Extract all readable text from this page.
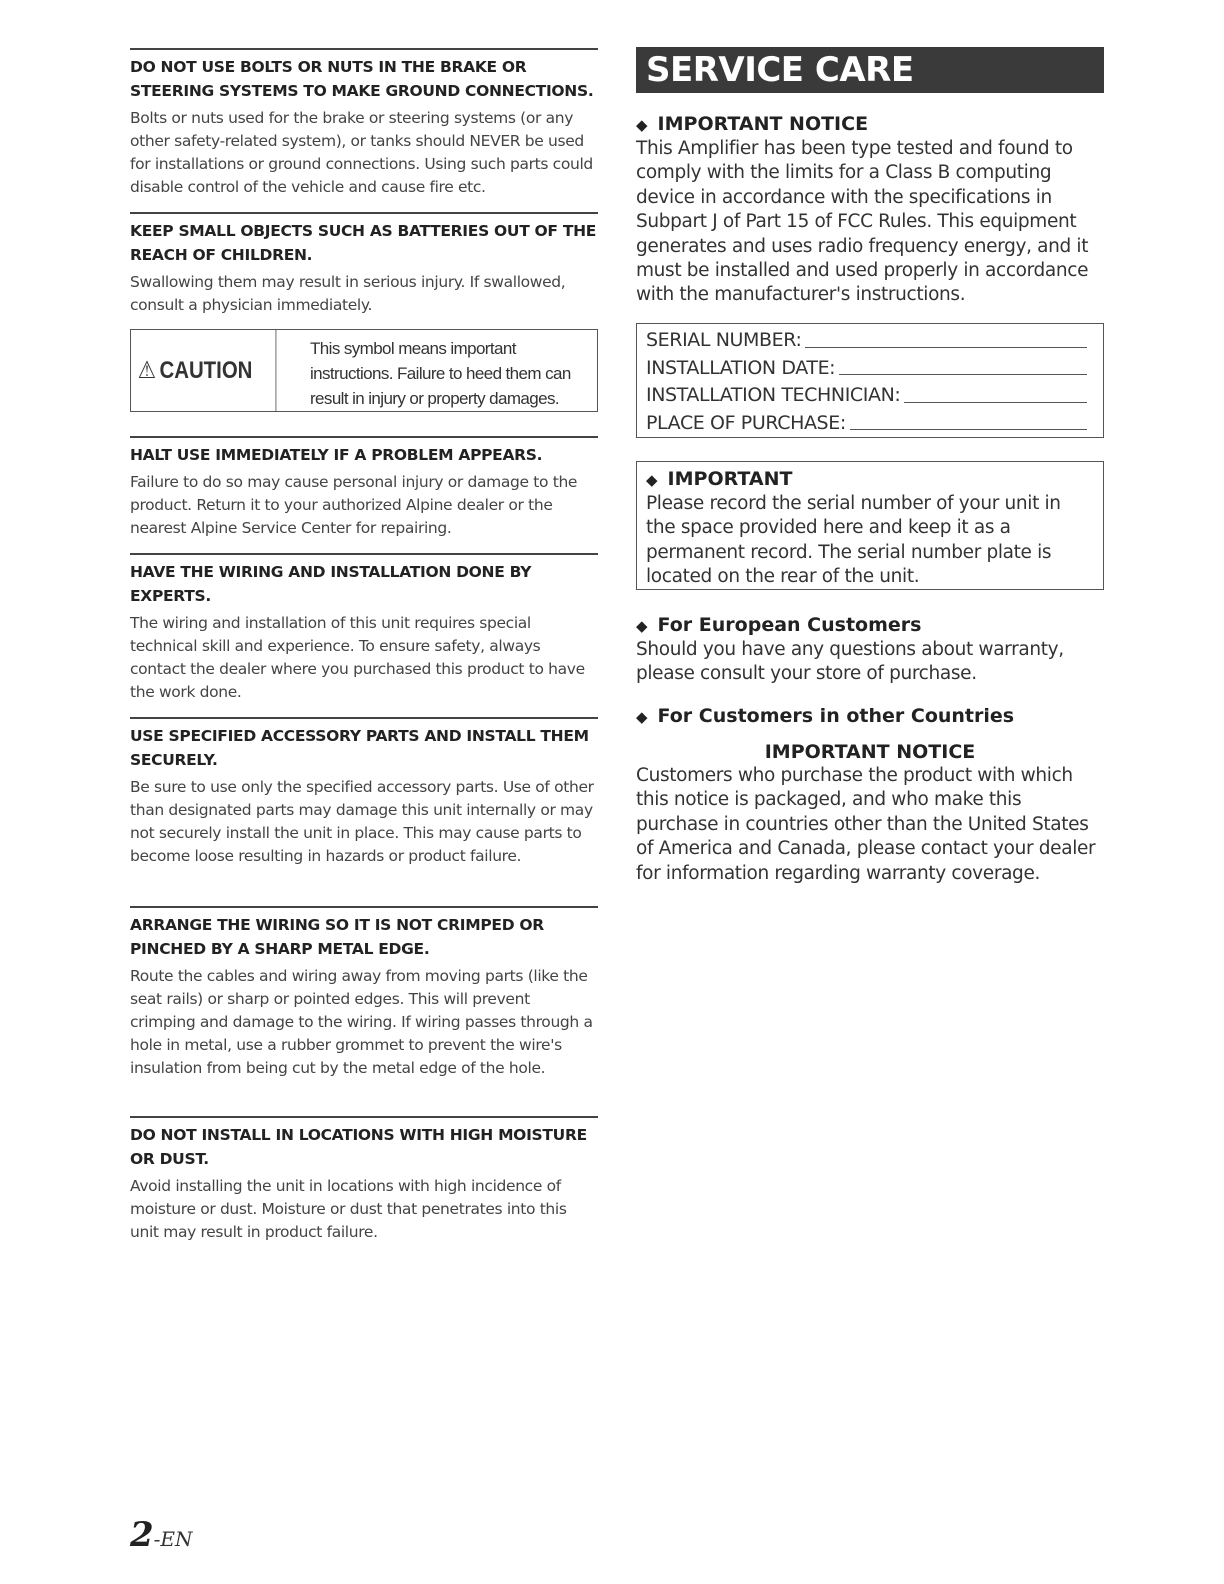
DO NOT USE BOLTS OR NUTS IN THE BRAKE OR STEERING SYSTEMS TO MAKE GROUND CONNECTIONS.

Bolts or nuts used for the brake or steering systems (or any other safety-related system), or tanks should NEVER be used for installations or ground connections. Using such parts could disable control of the vehicle and cause fire etc.

KEEP SMALL OBJECTS SUCH AS BATTERIES OUT OF THE REACH OF CHILDREN.

Swallowing them may result in serious injury. If swallowed, consult a physician immediately.

⚠ CAUTION
This symbol means important instructions. Failure to heed them can result in injury or property damages.
HALT USE IMMEDIATELY IF A PROBLEM APPEARS.

Failure to do so may cause personal injury or damage to the product. Return it to your authorized Alpine dealer or the nearest Alpine Service Center for repairing.

HAVE THE WIRING AND INSTALLATION DONE BY EXPERTS.

The wiring and installation of this unit requires special technical skill and experience. To ensure safety, always contact the dealer where you purchased this product to have the work done.

USE SPECIFIED ACCESSORY PARTS AND INSTALL THEM SECURELY.

Be sure to use only the specified accessory parts. Use of other than designated parts may damage this unit internally or may not securely install the unit in place. This may cause parts to become loose resulting in hazards or product failure.

ARRANGE THE WIRING SO IT IS NOT CRIMPED OR PINCHED BY A SHARP METAL EDGE.

Route the cables and wiring away from moving parts (like the seat rails) or sharp or pointed edges. This will prevent crimping and damage to the wiring. If wiring passes through a hole in metal, use a rubber grommet to prevent the wire's insulation from being cut by the metal edge of the hole.

DO NOT INSTALL IN LOCATIONS WITH HIGH MOISTURE OR DUST.

Avoid installing the unit in locations with high incidence of moisture or dust. Moisture or dust that penetrates into this unit may result in product failure.

SERVICE CARE
◆ IMPORTANT NOTICE

This Amplifier has been type tested and found to comply with the limits for a Class B computing device in accordance with the specifications in Subpart J of Part 15 of FCC Rules. This equipment generates and uses radio frequency energy, and it must be installed and used properly in accordance with the manufacturer's instructions.

SERIAL NUMBER:
INSTALLATION DATE:
INSTALLATION TECHNICIAN:
PLACE OF PURCHASE:
◆ IMPORTANT

Please record the serial number of your unit in the space provided here and keep it as a permanent record. The serial number plate is located on the rear of the unit.

◆ For European Customers

Should you have any questions about warranty, please consult your store of purchase.

◆ For Customers in other Countries
IMPORTANT NOTICE

Customers who purchase the product with which this notice is packaged, and who make this purchase in countries other than the United States of America and Canada, please contact your dealer for information regarding warranty coverage.

2-EN
